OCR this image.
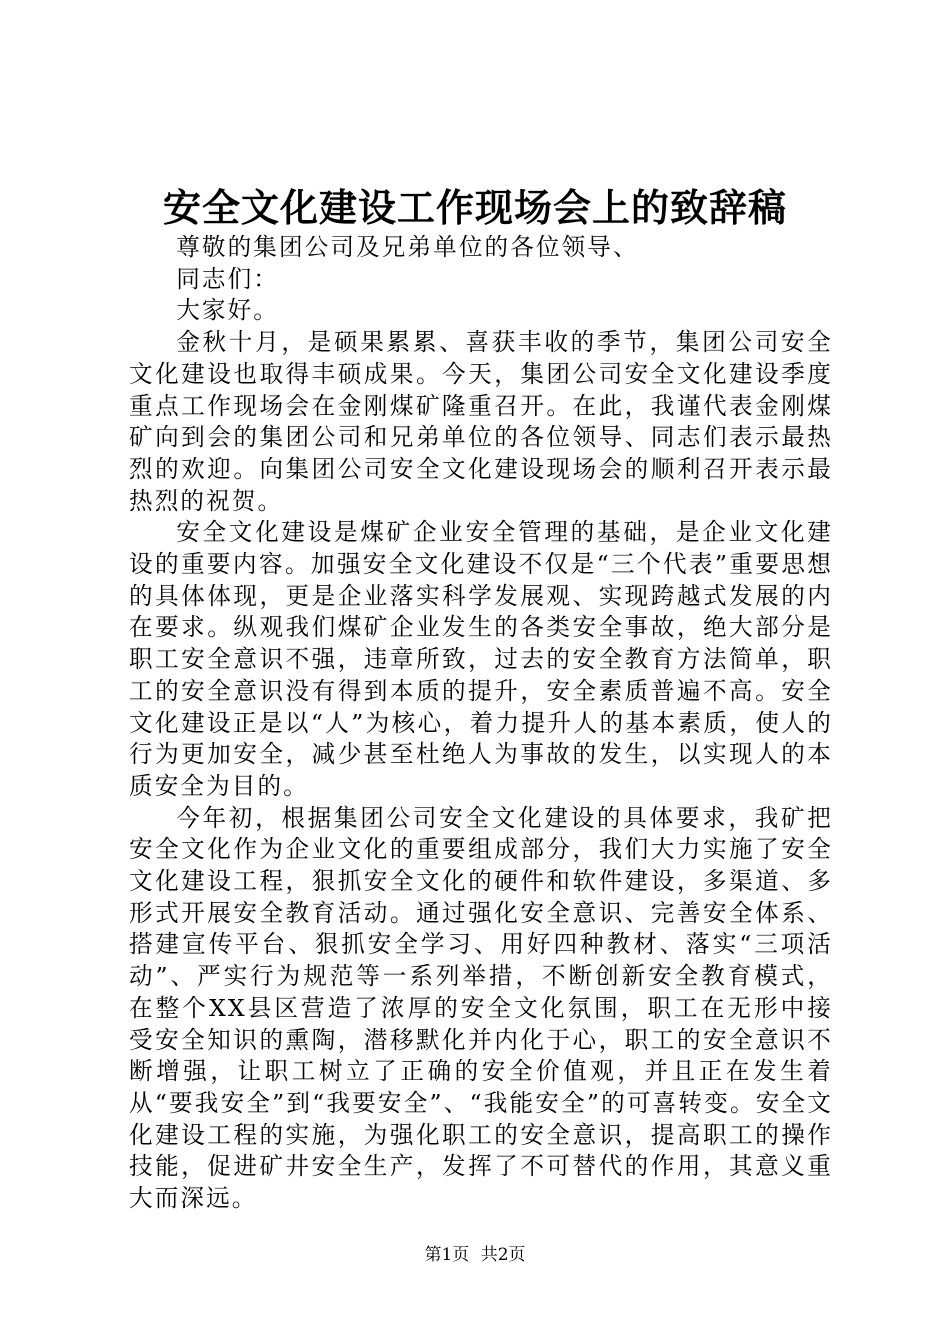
安全文化建设工作现场会上的致辞稿

尊敬的集团公司及兄弟单位的各位领导、

同志们：

大家好。

金秋十月，是硕果累累、喜获丰收的季节，集团公司安全文化建设也取得丰硕成果。今天，集团公司安全文化建设季度重点工作现场会在金刚煤矿隆重召开。在此，我谨代表金刚煤矿向到会的集团公司和兄弟单位的各位领导、同志们表示最热烈的欢迎。向集团公司安全文化建设现场会的顺利召开表示最热烈的祝贺。

安全文化建设是煤矿企业安全管理的基础，是企业文化建设的重要内容。加强安全文化建设不仅是“三个代表”重要思想的具体体现，更是企业落实科学发展观、实现跨越式发展的内在要求。纵观我们煤矿企业发生的各类安全事故，绝大部分是职工安全意识不强，违章所致，过去的安全教育方法简单，职工的安全意识没有得到本质的提升，安全素质普遍不高。安全文化建设正是以“人”为核心，着力提升人的基本素质，使人的行为更加安全，减少甚至杜绝人为事故的发生，以实现人的本质安全为目的。

今年初，根据集团公司安全文化建设的具体要求，我矿把安全文化作为企业文化的重要组成部分，我们大力实施了安全文化建设工程，狠抓安全文化的硬件和软件建设，多渠道、多形式开展安全教育活动。通过强化安全意识、完善安全体系、搭建宣传平台、狠抓安全学习、用好四种教材、落实“三项活动”、严实行为规范等一系列举措，不断创新安全教育模式，在整个XX县区营造了浓厚的安全文化氛围，职工在无形中接受安全知识的熏陶，潜移默化并内化于心，职工的安全意识不断增强，让职工树立了正确的安全价值观，并且正在发生着从“要我安全”到“我要安全”、“我能安全”的可喜转变。安全文化建设工程的实施，为强化职工的安全意识，提高职工的操作技能，促进矿井安全生产，发挥了不可替代的作用，其意义重大而深远。

第1页 共2页
